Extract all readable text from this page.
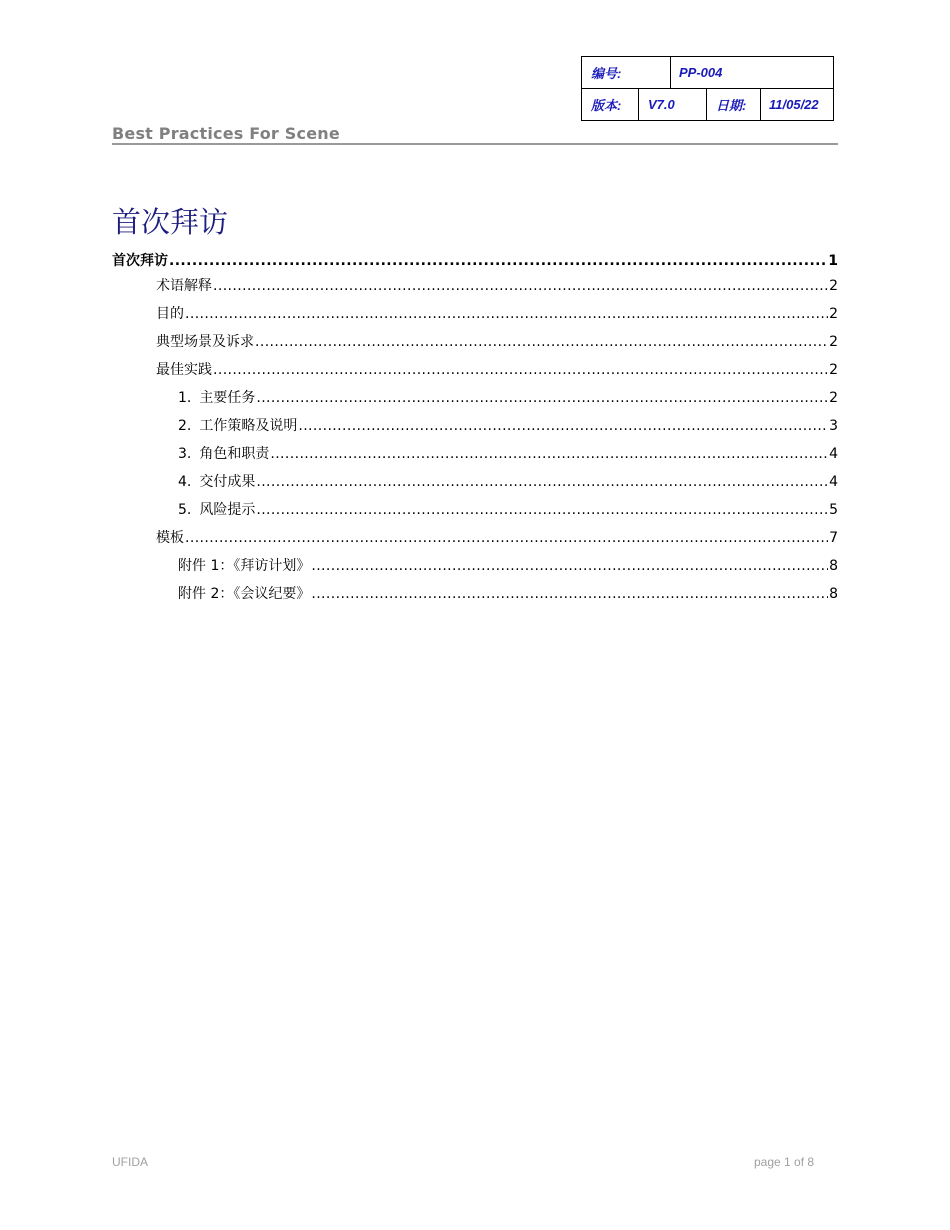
编号:		PP-004		
版本:	V7.0		日期:	11/05/22
Best Practices For Scene
首次拜访
首次拜访 .....	1
术语解释 .....	2
目的 .....	2
典型场景及诉求 .....	2
最佳实践 .....	2
1. 主要任务 .....	2
2. 工作策略及说明 .....	3
3. 角色和职责 .....	4
4. 交付成果 .....	4
5. 风险提示 .....	5
模板 .....	7
附件 1：《拜访计划》 .....	8
附件 2：《会议纪要》 .....	8
UFIDA	page 1 of 8
